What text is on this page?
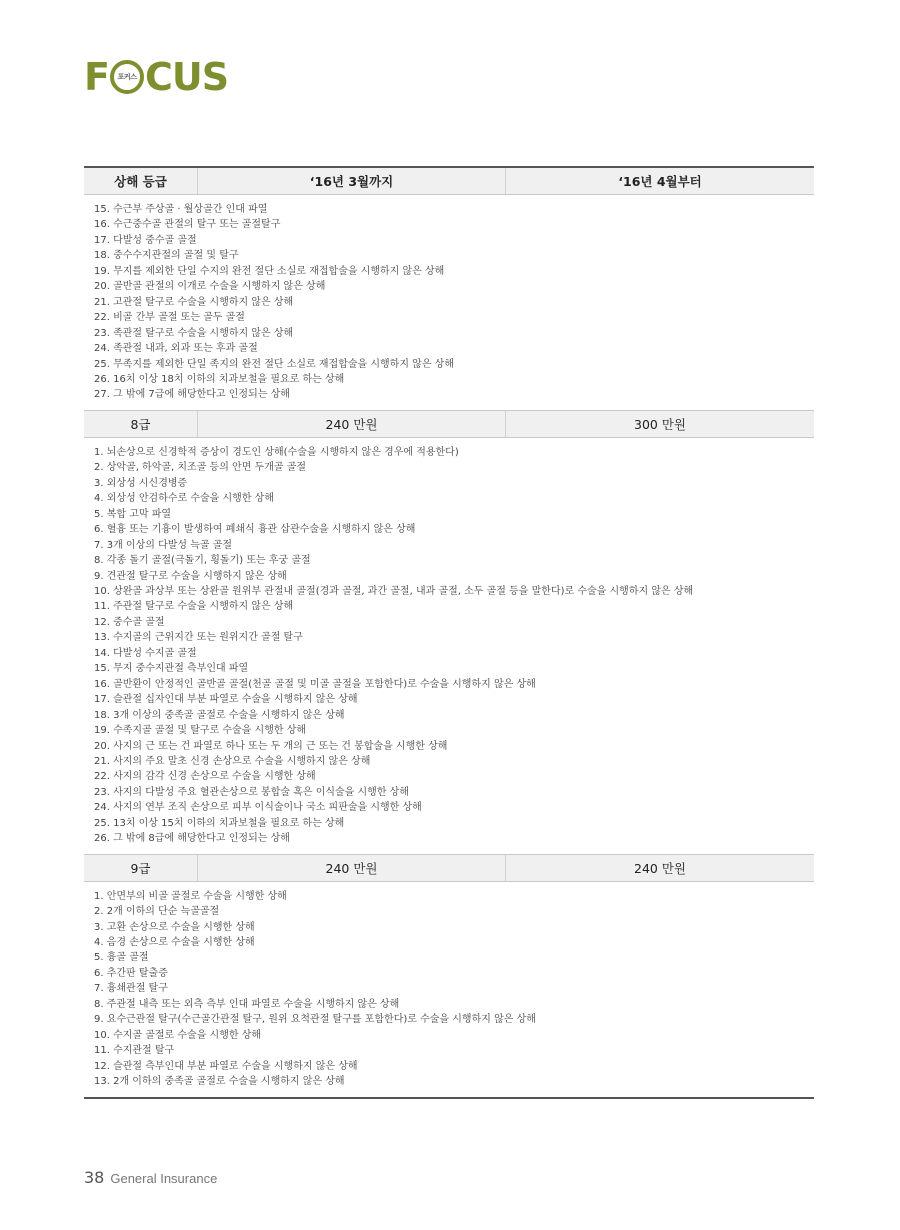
F 포커스 CUS
상해 등급	‘16년 3월까지	‘16년 4월부터
15. 수근부 주상골 · 월상골간 인대 파열
16. 수근중수골 관절의 탈구 또는 골절탈구
17. 다발성 중수골 골절
18. 중수수지관절의 골절 및 탈구
19. 무지를 제외한 단일 수지의 완전 절단 소실로 재접합술을 시행하지 않은 상해
20. 골반골 관절의 이개로 수술을 시행하지 않은 상해
21. 고관절 탈구로 수술을 시행하지 않은 상해
22. 비골 간부 골절 또는 골두 골절
23. 족관절 탈구로 수술을 시행하지 않은 상해
24. 족관절 내과, 외과 또는 후과 골절
25. 무족지를 제외한 단일 족지의 완전 절단 소실로 재접합술을 시행하지 않은 상해
26. 16치 이상 18치 이하의 치과보철을 필요로 하는 상해
27. 그 밖에 7급에 해당한다고 인정되는 상해
8급	240 만원	300 만원
1. 뇌손상으로 신경학적 증상이 경도인 상해(수술을 시행하지 않은 경우에 적용한다)
2. 상악골, 하악골, 치조골 등의 안면 두개골 골절
3. 외상성 시신경병증
4. 외상성 안검하수로 수술을 시행한 상해
5. 복합 고막 파열
6. 혈흉 또는 기흉이 발생하여 폐쇄식 흉관 삽관수술을 시행하지 않은 상해
7. 3개 이상의 다발성 늑골 골절
8. 각종 돌기 골절(극돌기, 횡돌기) 또는 후궁 골절
9. 견관절 탈구로 수술을 시행하지 않은 상해
10. 상완골 과상부 또는 상완골 원위부 관절내 골절(경과 골절, 과간 골절, 내과 골절, 소두 골절 등을 말한다)로 수술을 시행하지 않은 상해
11. 주관절 탈구로 수술을 시행하지 않은 상해
12. 중수골 골절
13. 수지골의 근위지간 또는 원위지간 골절 탈구
14. 다발성 수지골 골절
15. 무지 중수지관절 측부인대 파열
16. 골반환이 안정적인 골반골 골절(천골 골절 및 미골 골절을 포함한다)로 수술을 시행하지 않은 상해
17. 슬관절 십자인대 부분 파열로 수술을 시행하지 않은 상해
18. 3개 이상의 중족골 골절로 수술을 시행하지 않은 상해
19. 수족지골 골절 및 탈구로 수술을 시행한 상해
20. 사지의 근 또는 건 파열로 하나 또는 두 개의 근 또는 건 봉합술을 시행한 상해
21. 사지의 주요 말초 신경 손상으로 수술을 시행하지 않은 상해
22. 사지의 감각 신경 손상으로 수술을 시행한 상해
23. 사지의 다발성 주요 혈관손상으로 봉합술 혹은 이식술을 시행한 상해
24. 사지의 연부 조직 손상으로 피부 이식술이나 국소 피판술을 시행한 상해
25. 13치 이상 15치 이하의 치과보철을 필요로 하는 상해
26. 그 밖에 8급에 해당한다고 인정되는 상해
9급	240 만원	240 만원
1. 안면부의 비골 골절로 수술을 시행한 상해
2. 2개 이하의 단순 늑골골절
3. 고환 손상으로 수술을 시행한 상해
4. 음경 손상으로 수술을 시행한 상해
5. 흉골 골절
6. 추간판 탈출증
7. 흉쇄관절 탈구
8. 주관절 내측 또는 외측 측부 인대 파열로 수술을 시행하지 않은 상해
9. 요수근관절 탈구(수근골간관절 탈구, 원위 요척관절 탈구를 포함한다)로 수술을 시행하지 않은 상해
10. 수지골 골절로 수술을 시행한 상해
11. 수지관절 탈구
12. 슬관절 측부인대 부분 파열로 수술을 시행하지 않은 상해
13. 2개 이하의 중족골 골절로 수술을 시행하지 않은 상해
38 General Insurance
